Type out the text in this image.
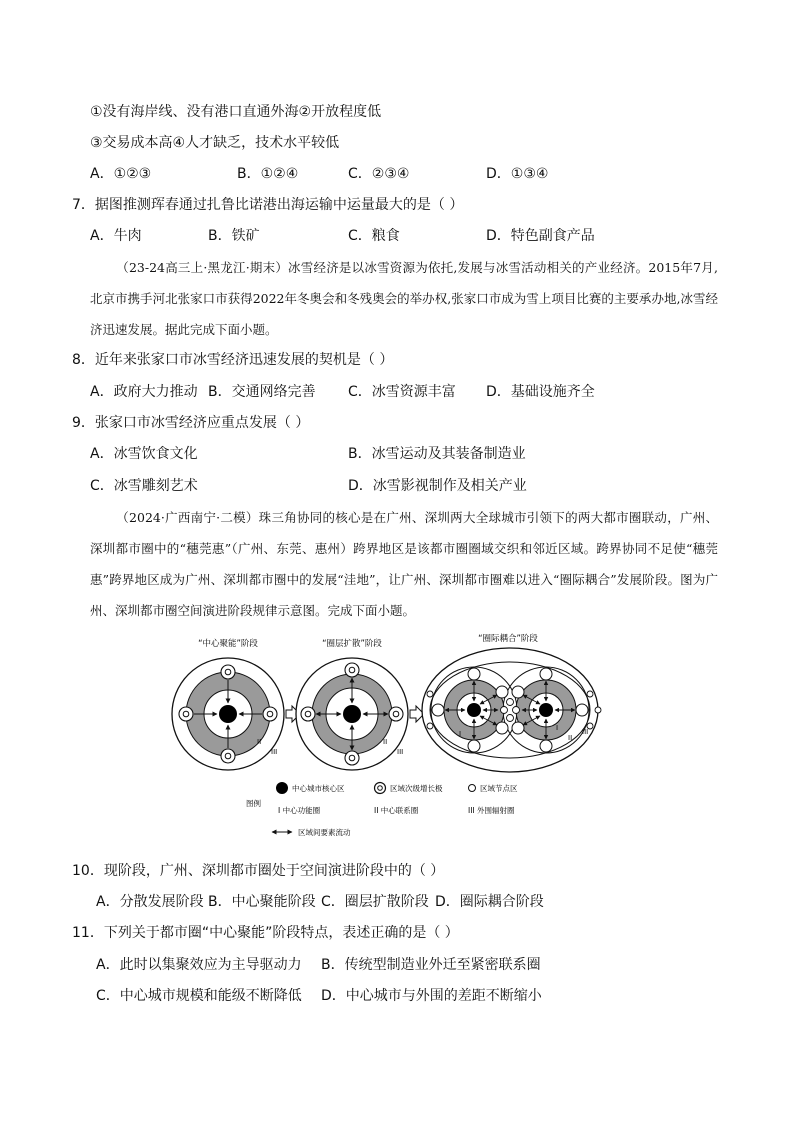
①没有海岸线、没有港口直通外海②开放程度低
③交易成本高④人才缺乏，技术水平较低
A．①②③	B．①②④	C．②③④	D．①③④
7．据图推测珲春通过扎鲁比诺港出海运输中运量最大的是（ ）
A．牛肉	B．铁矿	C．粮食	D．特色副食产品
（23-24高三上·黑龙江·期末）冰雪经济是以冰雪资源为依托,发展与冰雪活动相关的产业经济。2015年7月,北京市携手河北张家口市获得2022年冬奥会和冬残奥会的举办权,张家口市成为雪上项目比赛的主要承办地,冰雪经济迅速发展。据此完成下面小题。
8．近年来张家口市冰雪经济迅速发展的契机是（ ）
A．政府大力推动 B．交通网络完善 C．冰雪资源丰富 D．基础设施齐全
9．张家口市冰雪经济应重点发展（ ）
A．冰雪饮食文化	B．冰雪运动及其装备制造业
C．冰雪雕刻艺术	D．冰雪影视制作及相关产业
（2024·广西南宁·二模）珠三角协同的核心是在广州、深圳两大全球城市引领下的两大都市圈联动，广州、深圳都市圈中的“穗莞惠”（广州、东莞、惠州）跨界地区是该都市圈圈域交织和邻近区域。跨界协同不足使“穗莞惠”跨界地区成为广州、深圳都市圈中的发展“洼地”，让广州、深圳都市圈难以进入“圈际耦合”发展阶段。图为广州、深圳都市圈空间演进阶段规律示意图。完成下面小题。
“中心聚能”阶段	“圈层扩散”阶段	“圈际耦合”阶段
II
III
II
III
I
II
III
I
图例
中心城市核心区	区域次级增长极	区域节点区
I 中心功能圈	II 中心联系圈	III 外围辐射圈
区域间要素流动
10．现阶段，广州、深圳都市圈处于空间演进阶段中的（ ）
A．分散发展阶段 B．中心聚能阶段 C．圈层扩散阶段 D．圈际耦合阶段
11．下列关于都市圈“中心聚能”阶段特点，表述正确的是（ ）
A．此时以集聚效应为主导驱动力 B．传统型制造业外迁至紧密联系圈
C．中心城市规模和能级不断降低 D．中心城市与外围的差距不断缩小
